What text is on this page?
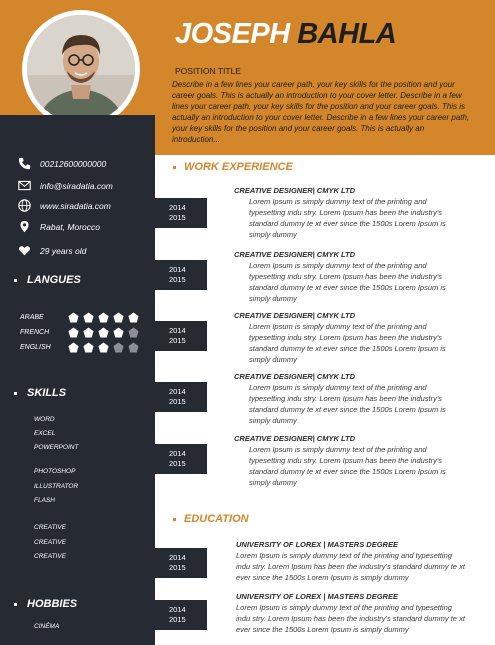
JOSEPH BAHLA
POSITION TITLE
Describe in a few lines your career path, your key skills for the position and your career goals. This is actually an introduction to your cover letter. Describe in a few lines your career path, your key skills for the position and your career goals. This is actually an introduction to your cover letter. Describe in a few lines your career path, your key skills for the position and your career goals. This is actually an introduction...
00212600000000
info@siradatia.com
www.siradatia.com
Rabat, Morocco
29 years old
LANGUES
ARABE
FRENCH
ENGLISH
SKILLS
WORD
EXCEL
POWERPOINT
PHOTOSHOP
ILLUSTRATOR
FLASH
CREATIVE
CREATIVE
CREATIVE
HOBBIES
CINÉMA
2014
2015
2014
2015
2014
2015
2014
2015
2014
2015
2014
2015
2014
2015
WORK EXPERIENCE
CREATIVE DESIGNER| CMYK LTD
Lorem Ipsum is simply dummy text of the printing and typesetting indu stry. Lorem Ipsum has been the industry's standard dummy te xt ever since the 1500s Lorem Ipsum is simply dummy
CREATIVE DESIGNER| CMYK LTD
Lorem Ipsum is simply dummy text of the printing and typesetting indu stry. Lorem Ipsum has been the industry's standard dummy te xt ever since the 1500s Lorem Ipsum is simply dummy
CREATIVE DESIGNER| CMYK LTD
Lorem Ipsum is simply dummy text of the printing and typesetting indu stry. Lorem Ipsum has been the industry's standard dummy te xt ever since the 1500s Lorem Ipsum is simply dummy
CREATIVE DESIGNER| CMYK LTD
Lorem Ipsum is simply dummy text of the printing and typesetting indu stry. Lorem Ipsum has been the industry's standard dummy te xt ever since the 1500s Lorem Ipsum is simply dummy
CREATIVE DESIGNER| CMYK LTD
Lorem Ipsum is simply dummy text of the printing and typesetting indu stry. Lorem Ipsum has been the industry's standard dummy te xt ever since the 1500s Lorem Ipsum is simply dummy
EDUCATION
UNIVERSITY OF LOREX | MASTERS DEGREE
Lorem Ipsum is simply dummy text of the printing and typesetting indu stry. Lorem Ipsum has been the industry's standard dummy te xt ever since the 1500s Lorem Ipsum is simply dummy
UNIVERSITY OF LOREX | MASTERS DEGREE
Lorem Ipsum is simply dummy text of the printing and typesetting indu stry. Lorem Ipsum has been the industry's standard dummy te xt ever since the 1500s Lorem Ipsum is simply dummy
